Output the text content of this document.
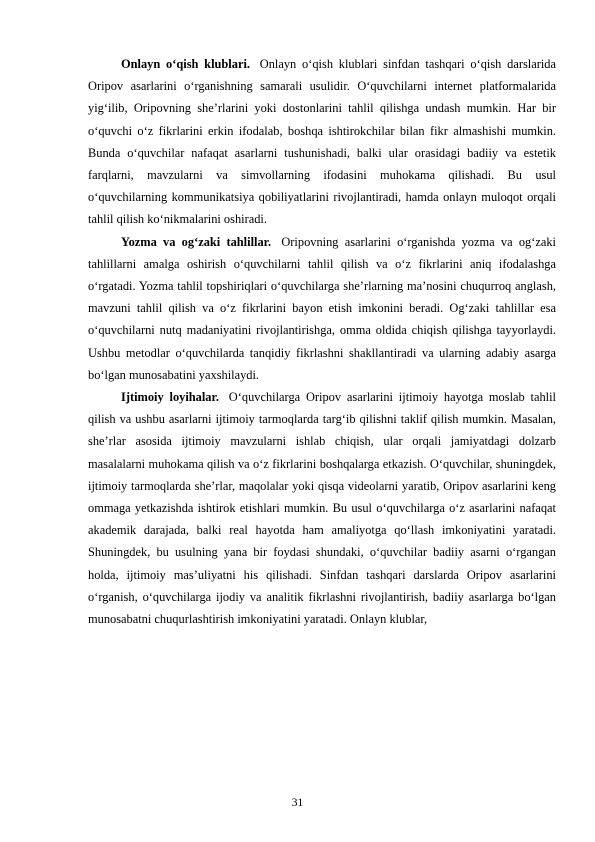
Onlayn o‘qish klublari. Onlayn o‘qish klublari sinfdan tashqari o‘qish darslarida Oripov asarlarini o‘rganishning samarali usulidir. O‘quvchilarni internet platformalarida yig‘ilib, Oripovning she’rlarini yoki dostonlarini tahlil qilishga undash mumkin. Har bir o‘quvchi o‘z fikrlarini erkin ifodalab, boshqa ishtirokchilar bilan fikr almashishi mumkin. Bunda o‘quvchilar nafaqat asarlarni tushunishadi, balki ular orasidagi badiiy va estetik farqlarni, mavzularni va simvollarning ifodasini muhokama qilishadi. Bu usul o‘quvchilarning kommunikatsiya qobiliyatlarini rivojlantiradi, hamda onlayn muloqot orqali tahlil qilish ko‘nikmalarini oshiradi.

Yozma va og‘zaki tahlillar. Oripovning asarlarini o‘rganishda yozma va og‘zaki tahlillarni amalga oshirish o‘quvchilarni tahlil qilish va o‘z fikrlarini aniq ifodalashga o‘rgatadi. Yozma tahlil topshiriqlari o‘quvchilarga she’rlarning ma’nosini chuqurroq anglash, mavzuni tahlil qilish va o‘z fikrlarini bayon etish imkonini beradi. Og‘zaki tahlillar esa o‘quvchilarni nutq madaniyatini rivojlantirishga, omma oldida chiqish qilishga tayyorlaydi. Ushbu metodlar o‘quvchilarda tanqidiy fikrlashni shakllantiradi va ularning adabiy asarga bo‘lgan munosabatini yaxshilaydi.

Ijtimoiy loyihalar. O‘quvchilarga Oripov asarlarini ijtimoiy hayotga moslab tahlil qilish va ushbu asarlarni ijtimoiy tarmoqlarda targ‘ib qilishni taklif qilish mumkin. Masalan, she’rlar asosida ijtimoiy mavzularni ishlab chiqish, ular orqali jamiyatdagi dolzarb masalalarni muhokama qilish va o‘z fikrlarini boshqalarga etkazish. O‘quvchilar, shuningdek, ijtimoiy tarmoqlarda she’rlar, maqolalar yoki qisqa videolarni yaratib, Oripov asarlarini keng ommaga yetkazishda ishtirok etishlari mumkin. Bu usul o‘quvchilarga o‘z asarlarini nafaqat akademik darajada, balki real hayotda ham amaliyotga qo‘llash imkoniyatini yaratadi. Shuningdek, bu usulning yana bir foydasi shundaki, o‘quvchilar badiiy asarni o‘rgangan holda, ijtimoiy mas’uliyatni his qilishadi. Sinfdan tashqari darslarda Oripov asarlarini o‘rganish, o‘quvchilarga ijodiy va analitik fikrlashni rivojlantirish, badiiy asarlarga bo‘lgan munosabatni chuqurlashtirish imkoniyatini yaratadi. Onlayn klublar,

31
